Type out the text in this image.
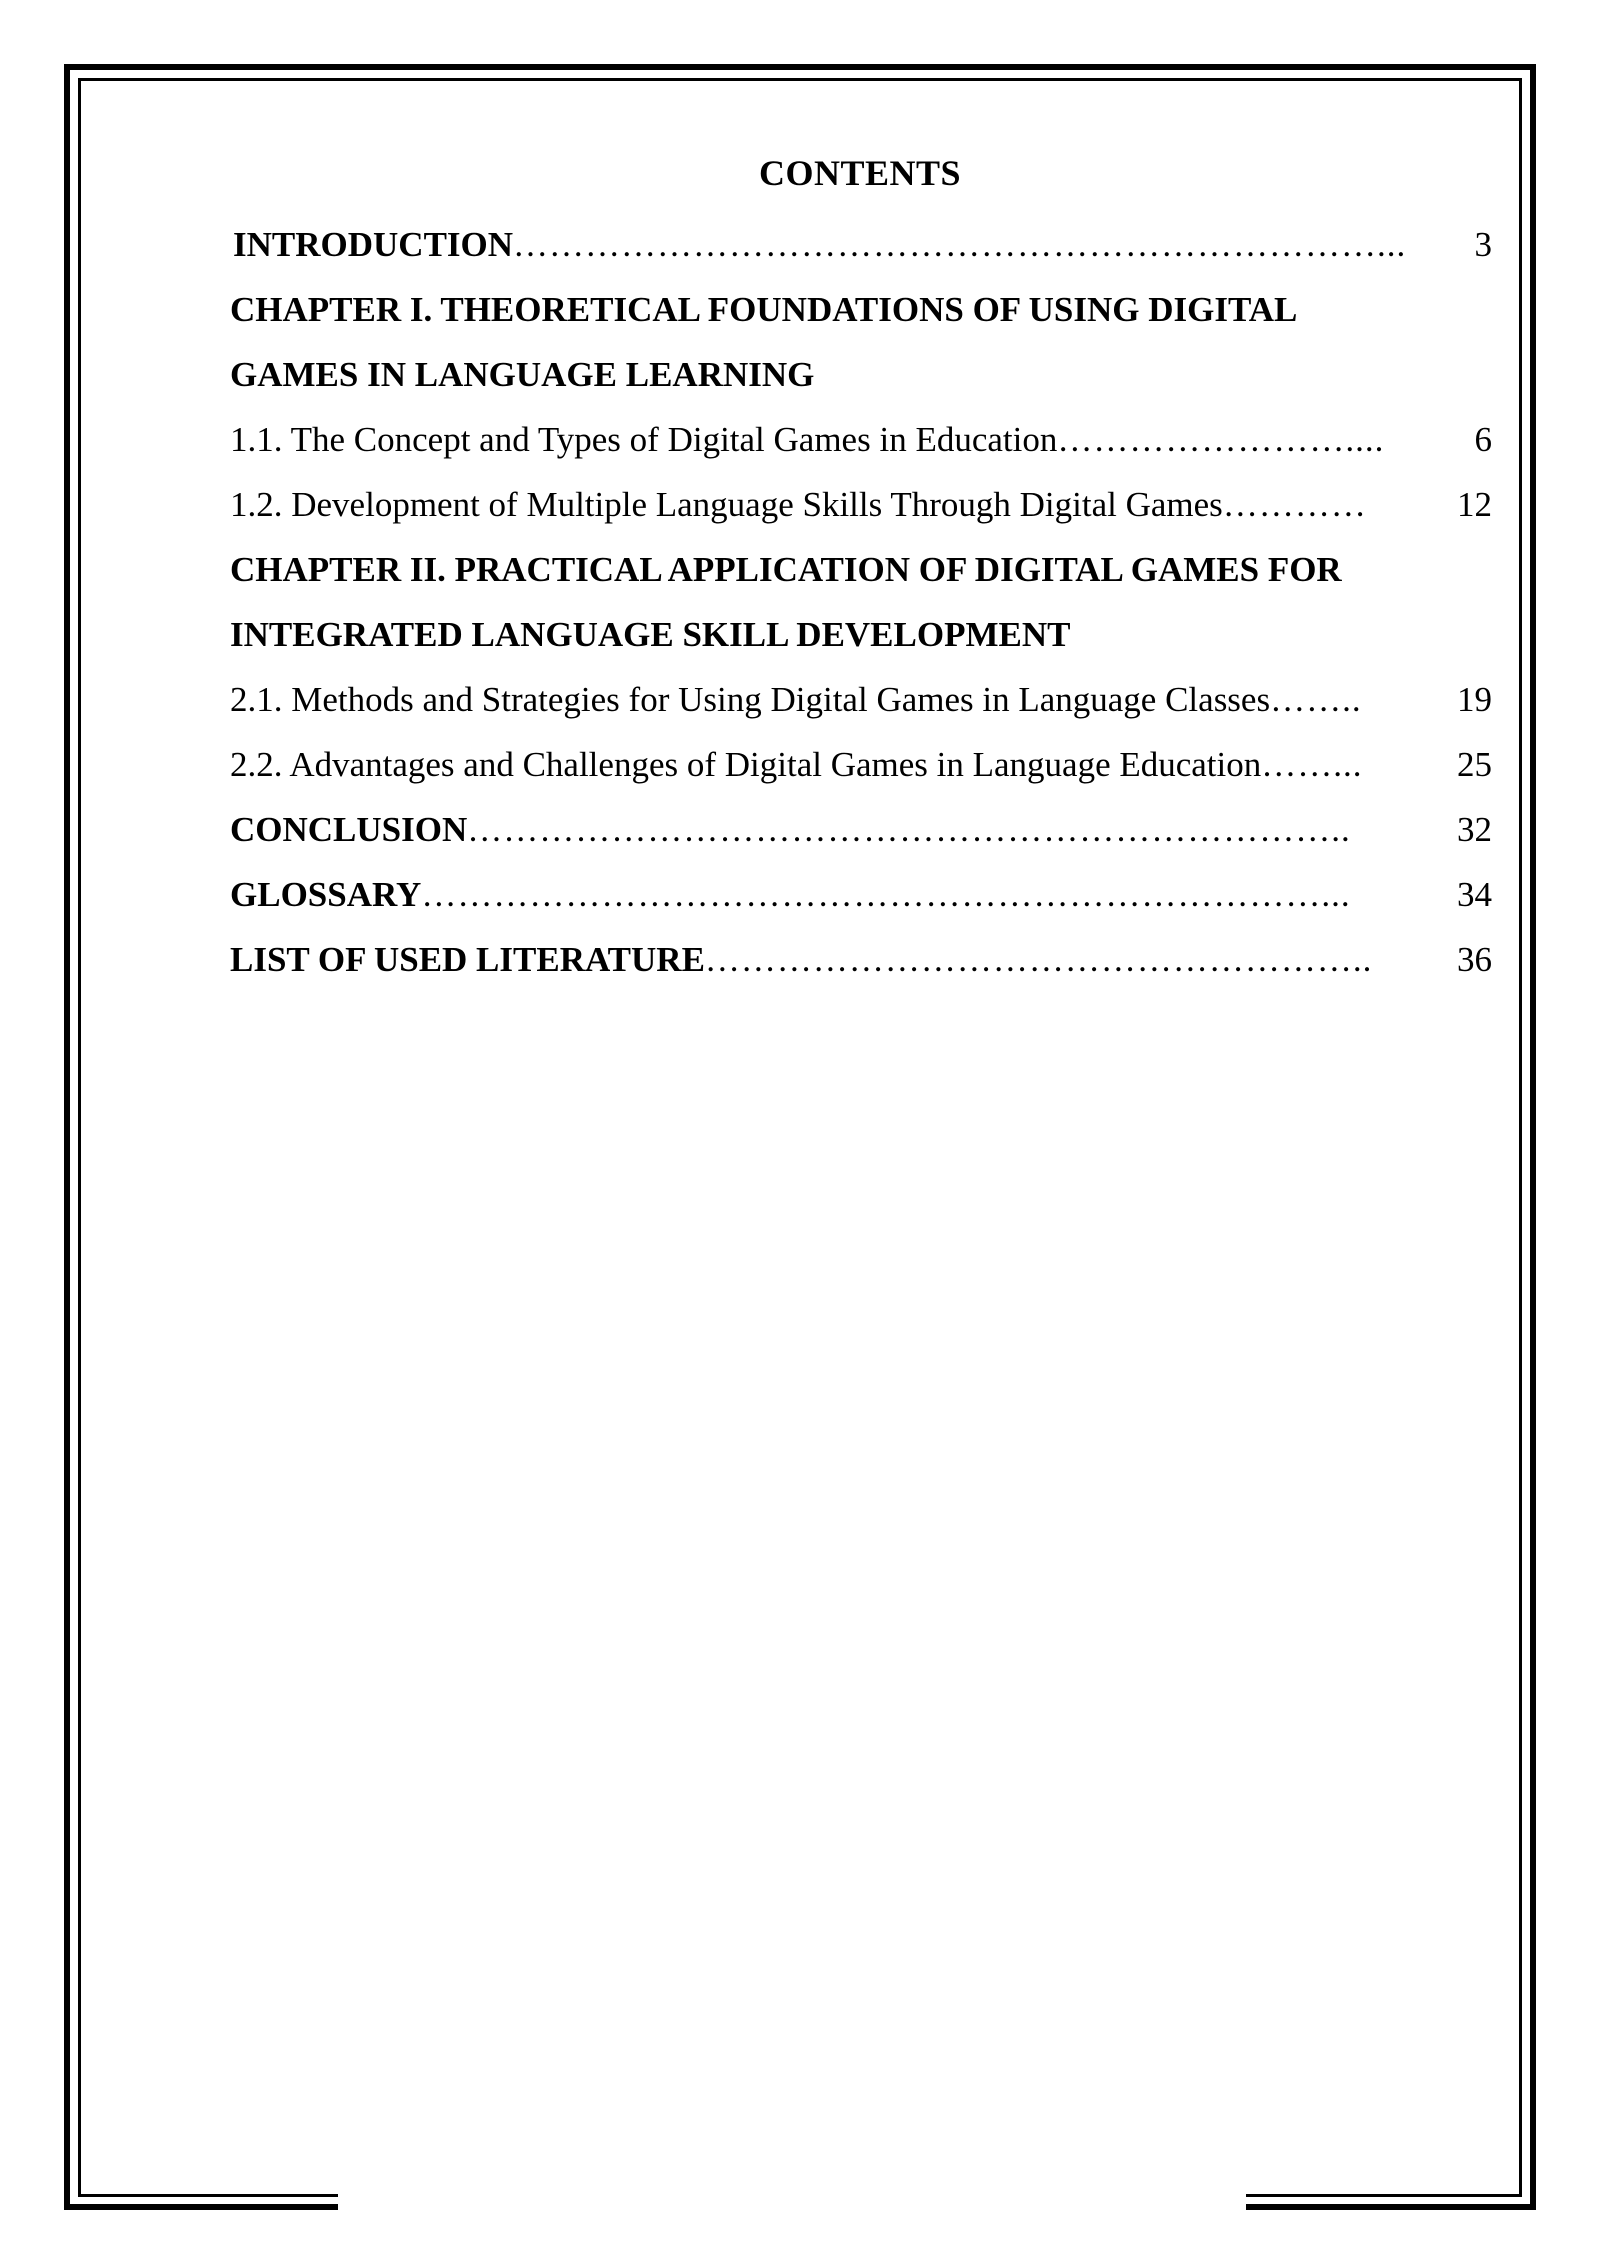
CONTENTS
INTRODUCTION ………………………………………………………………...	3
CHAPTER I. THEORETICAL FOUNDATIONS OF USING DIGITAL
GAMES IN LANGUAGE LEARNING
1.1. The Concept and Types of Digital Games in Education ……………………....	6
1.2. Development of Multiple Language Skills Through Digital Games …………	12
CHAPTER II. PRACTICAL APPLICATION OF DIGITAL GAMES FOR
INTEGRATED LANGUAGE SKILL DEVELOPMENT
2.1. Methods and Strategies for Using Digital Games in Language Classes ……..	19
2.2. Advantages and Challenges of Digital Games in Language Education ……...	25
CONCLUSION ………………………………………………………………..	32
GLOSSARY …………………………………………………………………...	34
LIST OF USED LITERATURE ………………………………………………..	36
